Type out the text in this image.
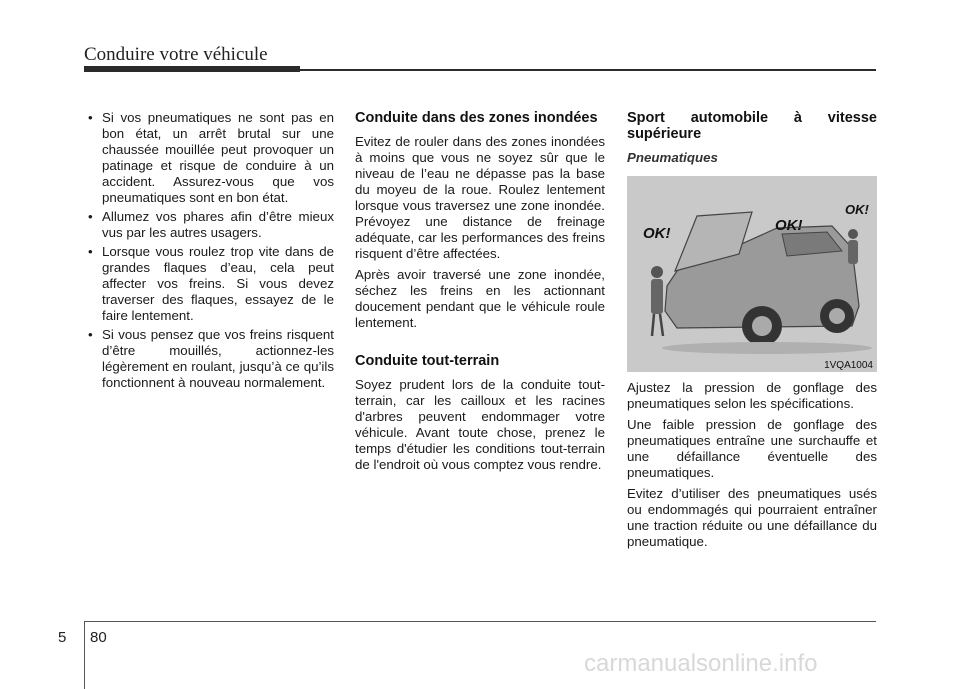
Conduire votre véhicule
• Si vos pneumatiques ne sont pas en bon état, un arrêt brutal sur une chaussée mouillée peut provoquer un patinage et risque de conduire à un accident. Assurez-vous que vos pneumatiques sont en bon état.
• Allumez vos phares afin d’être mieux vus par les autres usagers.
• Lorsque vous roulez trop vite dans de grandes flaques d’eau, cela peut affecter vos freins. Si vous devez traverser des flaques, essayez de le faire lentement.
• Si vous pensez que vos freins risquent d’être mouillés, actionnez-les légèrement en roulant, jusqu’à ce qu’ils fonctionnent à nouveau normalement.
Conduite dans des zones inondées

Evitez de rouler dans des zones inondées à moins que vous ne soyez sûr que le niveau de l’eau ne dépasse pas la base du moyeu de la roue. Roulez lentement lorsque vous traversez une zone inondée. Prévoyez une distance de freinage adéquate, car les performances des freins risquent d’être affectées.

Après avoir traversé une zone inondée, séchez les freins en les actionnant doucement pendant que le véhicule roule lentement.

Conduite tout-terrain

Soyez prudent lors de la conduite tout-terrain, car les cailloux et les racines d'arbres peuvent endommager votre véhicule. Avant toute chose, prenez le temps d'étudier les conditions tout-terrain de l'endroit où vous comptez vous rendre.

Sport automobile à vitesse supérieure
Pneumatiques
OK!	OK!
OK!
1VQA1004

Ajustez la pression de gonflage des pneumatiques selon les spécifications.

Une faible pression de gonflage des pneumatiques entraîne une surchauffe et une défaillance éventuelle des pneumatiques.

Evitez d’utiliser des pneumatiques usés ou endommagés qui pourraient entraîner une traction réduite ou une défaillance du pneumatique.

5 80
carmanualsonline.info
